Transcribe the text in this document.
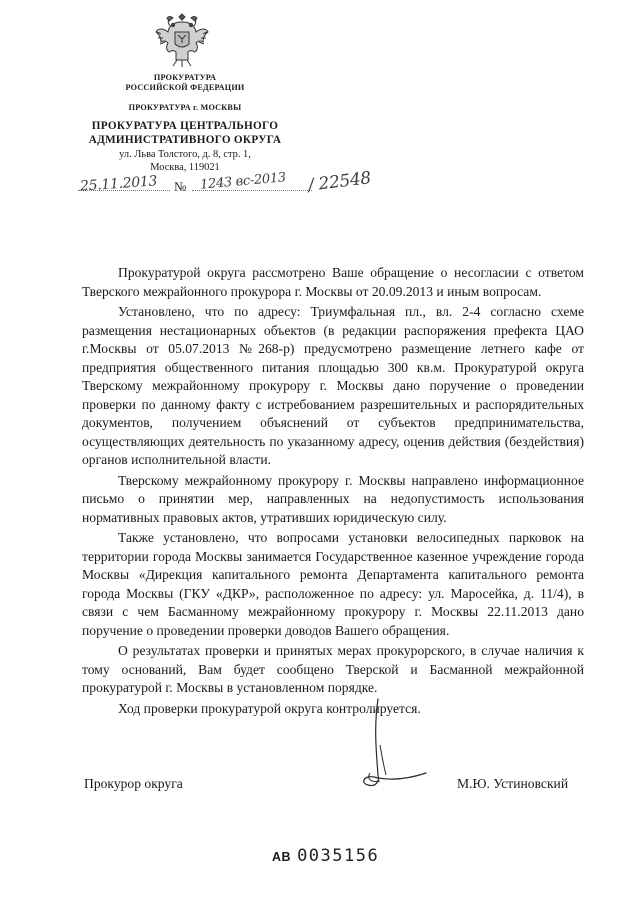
ПРОКУРАТУРА

РОССИЙСКОЙ ФЕДЕРАЦИИ

ПРОКУРАТУРА г. МОСКВЫ

ПРОКУРАТУРА ЦЕНТРАЛЬНОГО

АДМИНИСТРАТИВНОГО ОКРУГА

ул. Льва Толстого, д. 8, стр. 1,

Москва, 119021

25.11.2013 № 1243 вс-2013 / 22548

Прокуратурой округа рассмотрено Ваше обращение о несогласии с ответом Тверского межрайонного прокурора г. Москвы от 20.09.2013 и иным вопросам.

Установлено, что по адресу: Триумфальная пл., вл. 2-4 согласно схеме размещения нестационарных объектов (в редакции распоряжения префекта ЦАО г.Москвы от 05.07.2013 №268-р) предусмотрено размещение летнего кафе от предприятия общественного питания площадью 300 кв.м. Прокуратурой округа Тверскому межрайонному прокурору г. Москвы дано поручение о проведении проверки по данному факту с истребованием разрешительных и распорядительных документов, получением объяснений от субъектов предпринимательства, осуществляющих деятельность по указанному адресу, оценив действия (бездействия) органов исполнительной власти.

Тверскому межрайонному прокурору г. Москвы направлено информационное письмо о принятии мер, направленных на недопустимость использования нормативных правовых актов, утративших юридическую силу.

Также установлено, что вопросами установки велосипедных парковок на территории города Москвы занимается Государственное казенное учреждение города Москвы «Дирекция капитального ремонта Департамента капитального ремонта города Москвы (ГКУ «ДКР», расположенное по адресу: ул. Маросейка, д. 11/4), в связи с чем Басманному межрайонному прокурору г. Москвы 22.11.2013 дано поручение о проведении проверки доводов Вашего обращения.

О результатах проверки и принятых мерах прокурорского, в случае наличия к тому оснований, Вам будет сообщено Тверской и Басманной межрайонной прокуратурой г. Москвы в установленном порядке.

Ход проверки прокуратурой округа контролируется.

Прокурор округа	М.Ю. Устиновский
АВ 0035156
